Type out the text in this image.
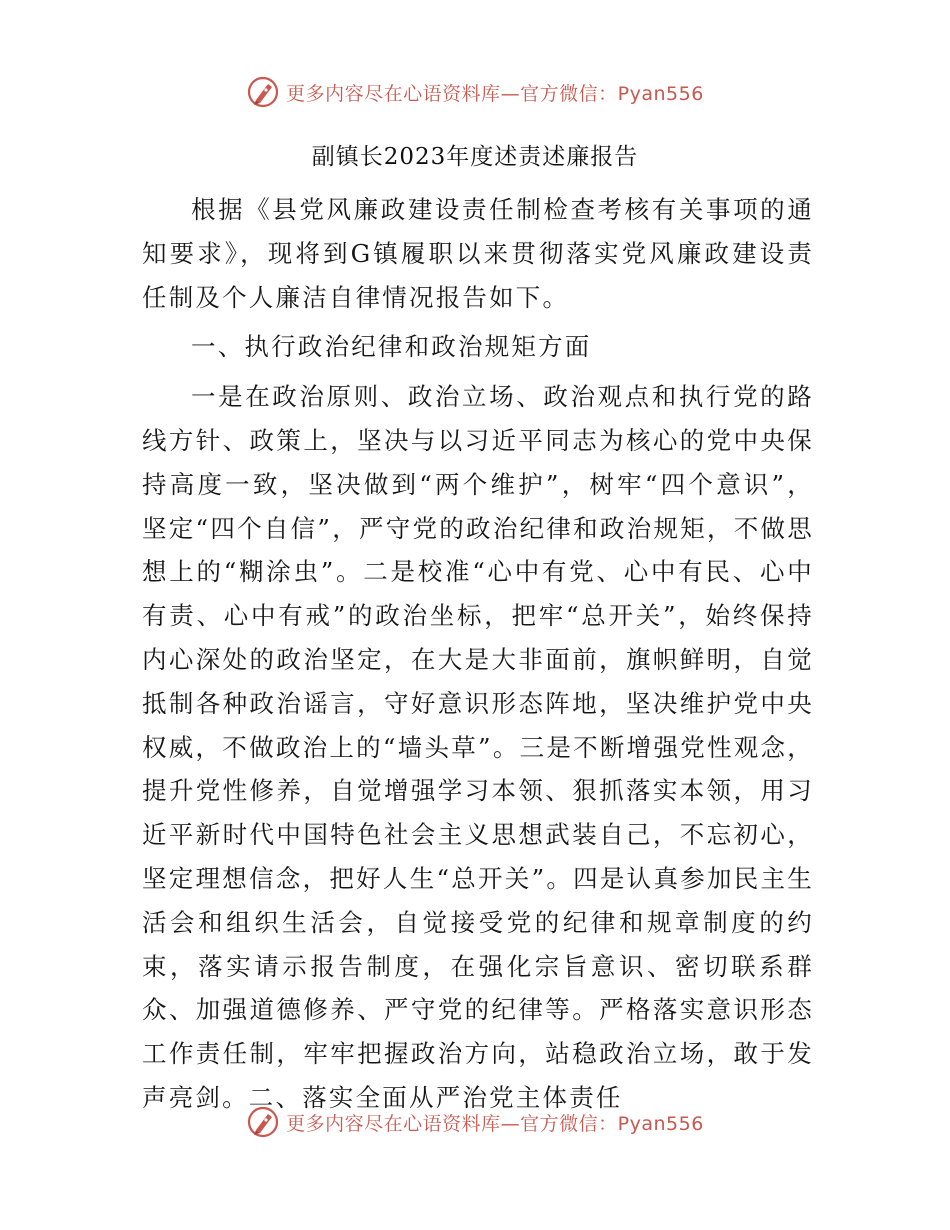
更多内容尽在心语资料库—官方微信：Pyan556
副镇长2023年度述责述廉报告

根据《县党风廉政建设责任制检查考核有关事项的通知要求》，现将到G镇履职以来贯彻落实党风廉政建设责任制及个人廉洁自律情况报告如下。

一、执行政治纪律和政治规矩方面

一是在政治原则、政治立场、政治观点和执行党的路线方针、政策上，坚决与以习近平同志为核心的党中央保持高度一致，坚决做到“两个维护”，树牢“四个意识”，坚定“四个自信”，严守党的政治纪律和政治规矩，不做思想上的“糊涂虫”。二是校准“心中有党、心中有民、心中有责、心中有戒”的政治坐标，把牢“总开关”，始终保持内心深处的政治坚定，在大是大非面前，旗帜鲜明，自觉抵制各种政治谣言，守好意识形态阵地，坚决维护党中央权威，不做政治上的“墙头草”。三是不断增强党性观念，提升党性修养，自觉增强学习本领、狠抓落实本领，用习近平新时代中国特色社会主义思想武装自己，不忘初心，坚定理想信念，把好人生“总开关”。四是认真参加民主生活会和组织生活会，自觉接受党的纪律和规章制度的约束，落实请示报告制度，在强化宗旨意识、密切联系群众、加强道德修养、严守党的纪律等。严格落实意识形态工作责任制，牢牢把握政治方向，站稳政治立场，敢于发声亮剑。二、落实全面从严治党主体责任

更多内容尽在心语资料库—官方微信：Pyan556
